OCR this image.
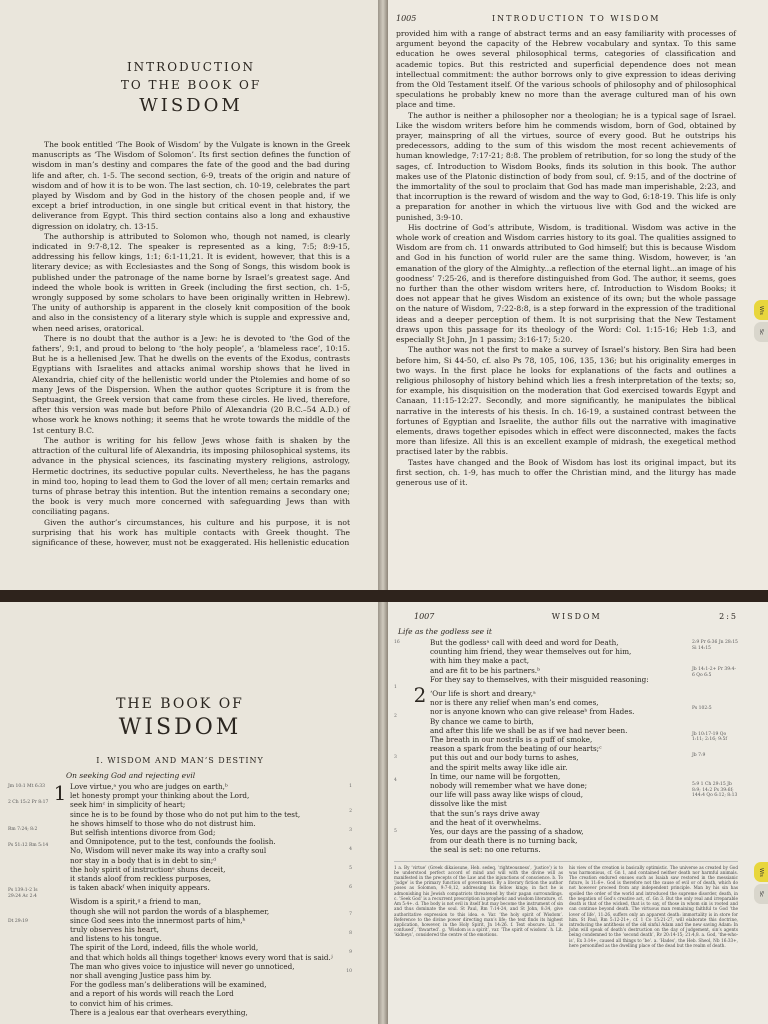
INTRODUCTION
TO THE BOOK OF
WISDOM

The book entitled ‘The Book of Wisdom’ by the Vulgate is known in the Greek manuscripts as ‘The Wisdom of Solomon’. Its first section defines the function of wisdom in man’s destiny and compares the fate of the good and the bad during life and after, ch. 1-5. The second section, 6-9, treats of the origin and nature of wisdom and of how it is to be won. The last section, ch. 10-19, celebrates the part played by Wisdom and by God in the history of the chosen people and, if we except a brief introduction, in one single but critical event in that history, the deliverance from Egypt. This third section contains also a long and exhaustive digression on idolatry, ch. 13-15.

The authorship is attributed to Solomon who, though not named, is clearly indicated in 9:7-8,12. The speaker is represented as a king, 7:5; 8:9-15, addressing his fellow kings, 1:1; 6:1-11,21. It is evident, however, that this is a literary device; as with Ecclesiastes and the Song of Songs, this wisdom book is published under the patronage of the name borne by Israel’s greatest sage. And indeed the whole book is written in Greek (including the first section, ch. 1-5, wrongly supposed by some scholars to have been originally written in Hebrew). The unity of authorship is apparent in the closely knit composition of the book and also in the consistency of a literary style which is supple and expressive and, when need arises, oratorical.

There is no doubt that the author is a Jew: he is devoted to ‘the God of the fathers’, 9:1, and proud to belong to ‘the holy people’, a ‘blameless race’, 10:15. But he is a hellenised Jew. That he dwells on the events of the Exodus, contrasts Egyptians with Israelites and attacks animal worship shows that he lived in Alexandria, chief city of the hellenistic world under the Ptolemies and home of so many Jews of the Dispersion. When the author quotes Scripture it is from the Septuagint, the Greek version that came from these circles. He lived, therefore, after this version was made but before Philo of Alexandria (20 B.C.–54 A.D.) of whose work he knows nothing; it seems that he wrote towards the middle of the 1st century B.C.

The author is writing for his fellow Jews whose faith is shaken by the attraction of the cultural life of Alexandria, its imposing philosophical systems, its advance in the physical sciences, its fascinating mystery religions, astrology, Hermetic doctrines, its seductive popular cults. Nevertheless, he has the pagans in mind too, hoping to lead them to God the lover of all men; certain remarks and turns of phrase betray this intention. But the intention remains a secondary one; the book is very much more concerned with safeguarding Jews than with conciliating pagans.

Given the author’s circumstances, his culture and his purpose, it is not surprising that his work has multiple contacts with Greek thought. The significance of these, however, must not be exaggerated. His hellenistic education

1005	INTRODUCTION TO WISDOM

provided him with a range of abstract terms and an easy familiarity with processes of argument beyond the capacity of the Hebrew vocabulary and syntax. To this same education he owes several philosophical terms, categories of classification and academic topics. But this restricted and superficial dependence does not mean intellectual commitment: the author borrows only to give expression to ideas deriving from the Old Testament itself. Of the various schools of philosophy and of philosophical speculations he probably knew no more than the average cultured man of his own place and time.

The author is neither a philosopher nor a theologian; he is a typical sage of Israel. Like the wisdom writers before him he commends wisdom, born of God, obtained by prayer, mainspring of all the virtues, source of every good. But he outstrips his predecessors, adding to the sum of this wisdom the most recent achievements of human knowledge, 7:17-21; 8:8. The problem of retribution, for so long the study of the sages, cf. Introduction to Wisdom Books, finds its solution in this book. The author makes use of the Platonic distinction of body from soul, cf. 9:15, and of the doctrine of the immortality of the soul to proclaim that God has made man imperishable, 2:23, and that incorruption is the reward of wisdom and the way to God, 6:18-19. This life is only a preparation for another in which the virtuous live with God and the wicked are punished, 3:9-10.

His doctrine of God’s attribute, Wisdom, is traditional. Wisdom was active in the whole work of creation and Wisdom carries history to its goal. The qualities assigned to Wisdom are from ch. 11 onwards attributed to God himself; but this is because Wisdom and God in his function of world ruler are the same thing. Wisdom, however, is ‘an emanation of the glory of the Almighty...a reflection of the eternal light...an image of his goodness’ 7:25-26, and is therefore distinguished from God. The author, it seems, goes no further than the other wisdom writers here, cf. Introduction to Wisdom Books; it does not appear that he gives Wisdom an existence of its own; but the whole passage on the nature of Wisdom, 7:22-8:8, is a step forward in the expression of the traditional ideas and a deeper perception of them. It is not surprising that the New Testament draws upon this passage for its theology of the Word: Col. 1:15-16; Heb 1:3, and especially St John, Jn 1 passim; 3:16-17; 5:20.

The author was not the first to make a survey of Israel’s history. Ben Sira had been before him, Si 44-50, cf. also Ps 78, 105, 106, 135, 136; but his originality emerges in two ways. In the first place he looks for explanations of the facts and outlines a religious philosophy of history behind which lies a fresh interpretation of the texts; so, for example, his disquisition on the moderation that God exercised towards Egypt and Canaan, 11:15-12:27. Secondly, and more significantly, he manipulates the biblical narrative in the interests of his thesis. In ch. 16-19, a sustained contrast between the fortunes of Egyptian and Israelite, the author fills out the narrative with imaginative elements, draws together episodes which in effect were disconnected, makes the facts more than lifesize. All this is an excellent example of midrash, the exegetical method practised later by the rabbis.

Tastes have changed and the Book of Wisdom has lost its original impact, but its first section, ch. 1-9, has much to offer the Christian mind, and the liturgy has made generous use of it.

Wis
Sc
THE BOOK OF
WISDOM
I. WISDOM AND MAN’S DESTINY
On seeking God and rejecting evil
Jm 10:1 Mt 6:33
2 Ch 15:2 Pr 8:17
Rm 7:24; 8:2
Ps 51:12 Rm 5:14
Ps 139:1-2 Is 29:24 Ac 2:4
Dt 29:19
1 Love virtue,ᵃ you who are judges on earth,ᵇ
let honesty prompt your thinking about the Lord,
seek himᶜ in simplicity of heart;
since he is to be found by those who do not put him to the test,
he shows himself to those who do not distrust him.
But selfish intentions divorce from God;
and Omnipotence, put to the test, confounds the foolish.
No, Wisdom will never make its way into a crafty soul
nor stay in a body that is in debt to sin;ᵈ
the holy spirit of instructionᵉ shuns deceit,
it stands aloof from reckless purposes,
is taken abackᶠ when iniquity appears.
Wisdom is a spirit,ᵍ a friend to man,
though she will not pardon the words of a blasphemer,
since God sees into the innermost parts of him,ʰ
truly observes his heart,
and listens to his tongue.
The spirit of the Lord, indeed, fills the whole world,
and that which holds all things togetherⁱ knows every word that is said.ʲ
The man who gives voice to injustice will never go unnoticed,
nor shall avenging Justice pass him by.
For the godless man’s deliberations will be examined,
and a report of his words will reach the Lord
to convict him of his crimes.
There is a jealous ear that overhears everything,
1
2
3
4
5
6
7
8
9
10
1007	WISDOM	2:5
Life as the godless see it
16
1
2
3
4
5
2
But the godlessᵃ call with deed and word for Death,
counting him friend, they wear themselves out for him,
with him they make a pact,
and are fit to be his partners.ᵇ
For they say to themselves, with their misguided reasoning:
‘Our life is short and dreary,ᵃ
nor is there any relief when man’s end comes,
nor is anyone known who can give releaseᵇ from Hades.
By chance we came to birth,
and after this life we shall be as if we had never been.
The breath in our nostrils is a puff of smoke,
reason a spark from the beating of our hearts;ᶜ
put this out and our body turns to ashes,
and the spirit melts away like idle air.
In time, our name will be forgotten,
nobody will remember what we have done;
our life will pass away like wisps of cloud,
dissolve like the mist
that the sun’s rays drive away
and the heat of it overwhelms.
Yes, our days are the passing of a shadow,
from our death there is no turning back,
the seal is set: no one returns.
2:9 Pr 6:36 Jn 28:15 Si 14:15
Jb 14:1-2+ Pr 39:4-6 Qo 6:5
Ps 102:5
Jb 10:17-19 Qo 1:11; 2:16; 9:5f
Jb 7:9
5:9 1 Ch 29:15 Jb 8:9; 14:2 Ps 39:6f; 144:4 Qo 6:12; 8:13
1 a. By ‘virtue’ (Greek dikaiosune, Heb. sedeq, ‘righteousness’, ‘justice’) is to be understood perfect accord of mind and will with the divine will as manifested in the precepts of the Law and the injunctions of conscience. b. To ‘judge’ is the primary function of government. By a literary fiction the author poses as Solomon, 9:7-8,12, addressing his fellow kings; in fact he is admonishing his Jewish compatriots threatened by their pagan surroundings. c. ‘Seek God’ is a recurrent prescription in prophetic and wisdom literature, cf. Am 5:4+. d. The body is not evil in itself but may become the instrument of sin and thus dominate the soul. St Paul, Rm 7:14-24, and St John, 8:34, give authoritative expression to this idea. e. Var. ‘the holy spirit of Wisdom’. Reference to the divine power directing man’s life; the text finds its highest application, however, in the Holy Spirit, Jn 14:26. f. Text obscure. Lit. ‘is confused’, ‘thwarted’. g. ‘Wisdom is a spirit’, var. ‘The spirit of wisdom’. h. Lit. ‘kidneys’, considered the centre of the emotions.
his view of the creation is basically optimistic. The universe as created by God was harmonious, cf. Gn 1, and contained neither death nor harmful animals. The creation endured ensues such as Isaiah saw restored in the messianic future, Is 11:6+. God is therefore not the cause of evil or of death, which do not however proceed from any independent principle. Man by his sin has spoiled the order of the world and introduced the supreme disorder, death, in the negation of God’s creative act, cf. Gn 3. But the only real and irreparable death is that of the wicked, that is to say, of those in whom sin is rooted and can continue beyond death. The virtuous man remaining faithful to God ‘the lover of life’, 11:26, suffers only an apparent death: immortality is in store for him. St Paul, Rm 5:12-21+, cf. 1 Co 15:21-27, will elaborate this doctrine, introducing the antithesis of the old sinful Adam and the new saving Adam: In John will speak of death’s destruction on the day of judgement, sin’s agents being condemned to the ‘second death’, Rv 20:14-15; 21:4,8. a. God, ‘the-who-is’, Ex 3:14+, caused all things to ‘be’. a. ‘Hades’, the Heb. Sheol, Nb 16:33+, here personified as the dwelling place of the dead but the realm of death.
Wis
Sc
